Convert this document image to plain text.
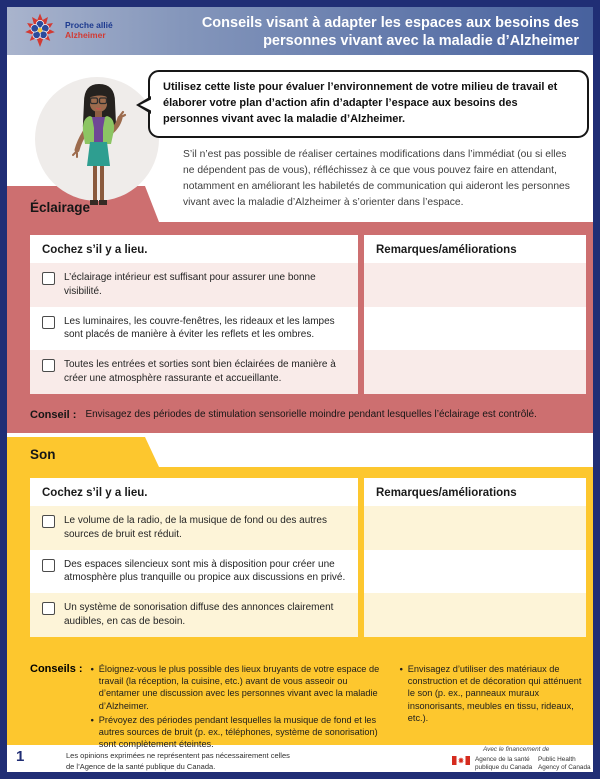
Proche allié
Alzheimer
Conseils visant à adapter les espaces aux besoins des personnes vivant avec la maladie d’Alzheimer
Utilisez cette liste pour évaluer l’environnement de votre milieu de travail et élaborer votre plan d’action afin d’adapter l’espace aux besoins des personnes vivant avec la maladie d’Alzheimer.
S’il n’est pas possible de réaliser certaines modifications dans l’immédiat (ou si elles ne dépendent pas de vous), réfléchissez à ce que vous pouvez faire en attendant, notamment en améliorant les habiletés de communication qui aideront les personnes vivant avec la maladie d’Alzheimer à s’orienter dans l’espace.
Éclairage
Cochez s’il y a lieu.	Remarques/améliorations
L’éclairage intérieur est suffisant pour assurer une bonne visibilité.
Les luminaires, les couvre-fenêtres, les rideaux et les lampes sont placés de manière à éviter les reflets et les ombres.
Toutes les entrées et sorties sont bien éclairées de manière à créer une atmosphère rassurante et accueillante.
Conseil : Envisagez des périodes de stimulation sensorielle moindre pendant lesquelles l’éclairage est contrôlé.
Son
Cochez s’il y a lieu.	Remarques/améliorations
Le volume de la radio, de la musique de fond ou des autres sources de bruit est réduit.
Des espaces silencieux sont mis à disposition pour créer une atmosphère plus tranquille ou propice aux discussions en privé.
Un système de sonorisation diffuse des annonces clairement audibles, en cas de besoin.
Conseils : • Éloignez-vous le plus possible des lieux bruyants de votre espace de travail (la réception, la cuisine, etc.) avant de vous asseoir ou d’entamer une discussion avec les personnes vivant avec la maladie d’Alzheimer.
• Prévoyez des périodes pendant lesquelles la musique de fond et les autres sources de bruit (p. ex., téléphones, système de sonorisation) sont complètement éteintes.
• Envisagez d’utiliser des matériaux de construction et de décoration qui atténuent le son (p. ex., panneaux muraux insonorisants, meubles en tissu, rideaux, etc.).
1	Les opinions exprimées ne représentent pas nécessairement celles de l’Agence de la santé publique du Canada.
Avec le financement de
Agence de la santé publique du Canada
Public Health Agency of Canada
